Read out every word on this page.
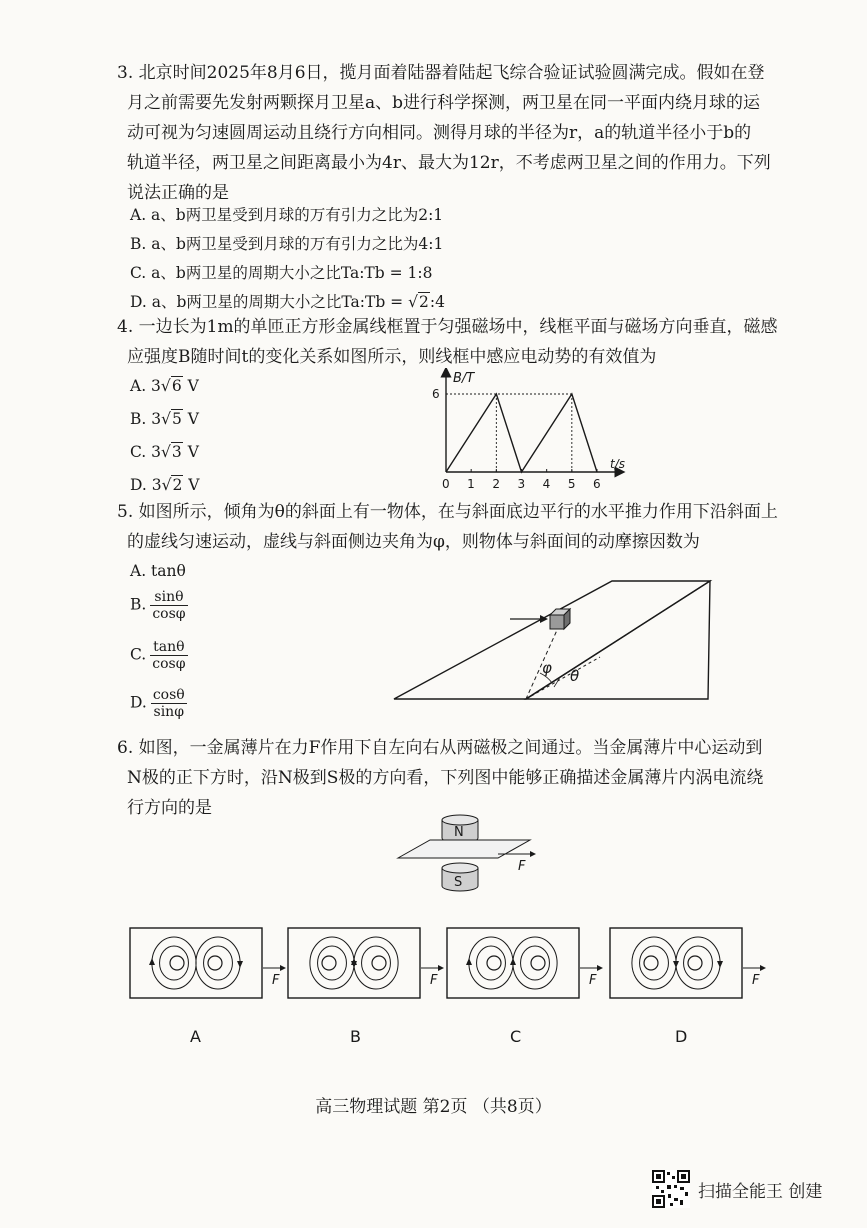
3. 北京时间2025年8月6日，揽月面着陆器着陆起飞综合验证试验圆满完成。假如在登
月之前需要先发射两颗探月卫星a、b进行科学探测，两卫星在同一平面内绕月球的运
动可视为匀速圆周运动且绕行方向相同。测得月球的半径为r，a的轨道半径小于b的
轨道半径，两卫星之间距离最小为4r、最大为12r，不考虑两卫星之间的作用力。下列
说法正确的是
A. a、b两卫星受到月球的万有引力之比为2:1
B. a、b两卫星受到月球的万有引力之比为4:1
C. a、b两卫星的周期大小之比Ta:Tb = 1:8
D. a、b两卫星的周期大小之比Ta:Tb = √2:4
4. 一边长为1m的单匝正方形金属线框置于匀强磁场中，线框平面与磁场方向垂直，磁感
应强度B随时间t的变化关系如图所示，则线框中感应电动势的有效值为
A. 3√6 V
B. 3√5 V
C. 3√3 V
D. 3√2 V	0 1 2 3 4 5 6
6
B/T
t/s
5. 如图所示，倾角为θ的斜面上有一物体，在与斜面底边平行的水平推力作用下沿斜面上
的虚线匀速运动，虚线与斜面侧边夹角为φ，则物体与斜面间的动摩擦因数为
A. tanθ
B. $\frac{\sin\theta}{\cos\varphi}$
C. $\frac{\tan\theta}{\cos\varphi}$
D. $\frac{\cos\theta}{\sin\varphi}$
φ θ
6. 如图，一金属薄片在力F作用下自左向右从两磁极之间通过。当金属薄片中心运动到
N极的正下方时，沿N极到S极的方向看，下列图中能够正确描述金属薄片内涡电流绕
行方向的是
N
F
S
F	F	F	F
A	B	C	D
高三物理试题 第2页 （共8页）
扫描全能王 创建
